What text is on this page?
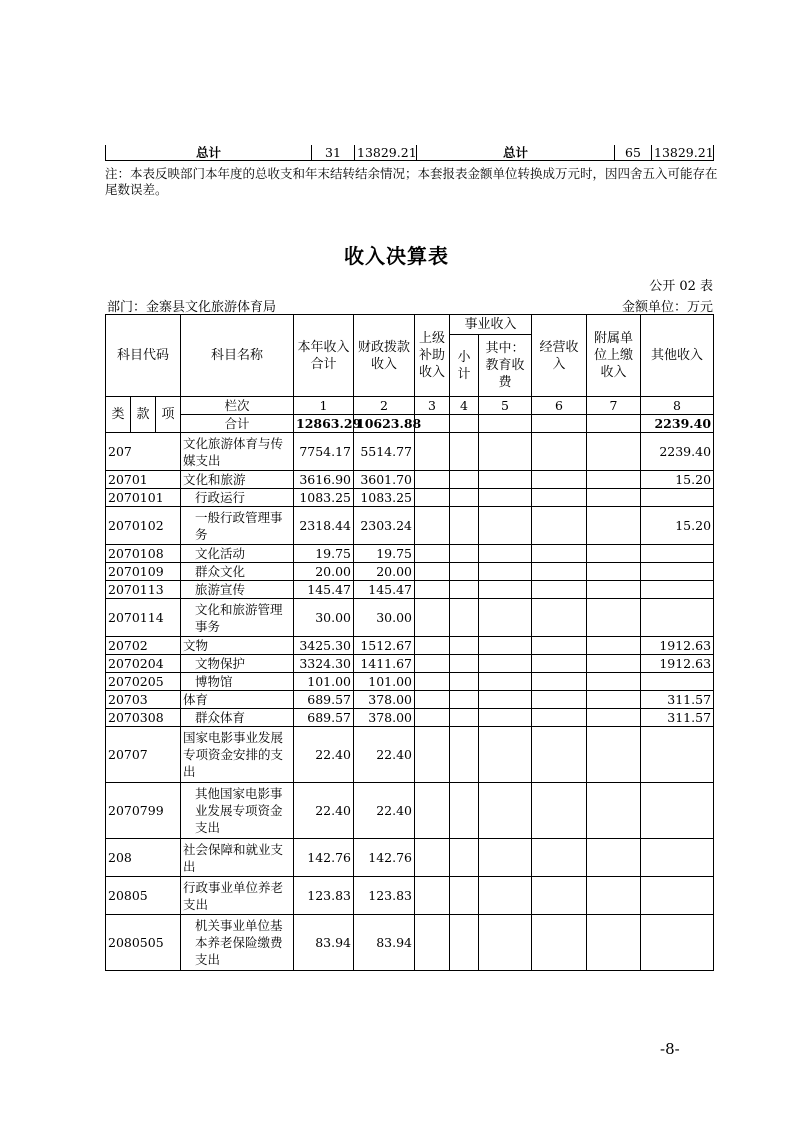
总计	31	13829.21	总计	65	13829.21
注：本表反映部门本年度的总收支和年末结转结余情况；本套报表金额单位转换成万元时，因四舍五入可能存在尾数误差。
收入决算表
公开 02 表
部门：金寨县文化旅游体育局	金额单位：万元
科目代码			科目名称	本年收入合计	财政拨款收入	上级补助收入	事业收入		经营收入	附属单位上缴收入	其他收入
							小计	其中：教育收费			

类	款	项	栏次	1	2	3	4	5	6	7	8
			合计	12863.29	10623.88						2239.40
207			文化旅游体育与传媒支出	7754.17	5514.77						2239.40
20701			文化和旅游	3616.90	3601.70						15.20
2070101			行政运行	1083.25	1083.25						
2070102			一般行政管理事务	2318.44	2303.24						15.20
2070108			文化活动	19.75	19.75						
2070109			群众文化	20.00	20.00						
2070113			旅游宣传	145.47	145.47						
2070114			文化和旅游管理事务	30.00	30.00						
20702			文物	3425.30	1512.67						1912.63
2070204			文物保护	3324.30	1411.67						1912.63
2070205			博物馆	101.00	101.00						
20703			体育	689.57	378.00						311.57
2070308			群众体育	689.57	378.00						311.57
20707			国家电影事业发展专项资金安排的支出	22.40	22.40						
2070799			其他国家电影事业发展专项资金支出	22.40	22.40						
208			社会保障和就业支出	142.76	142.76						
20805			行政事业单位养老支出	123.83	123.83						
2080505			机关事业单位基本养老保险缴费支出	83.94	83.94						
-8-
